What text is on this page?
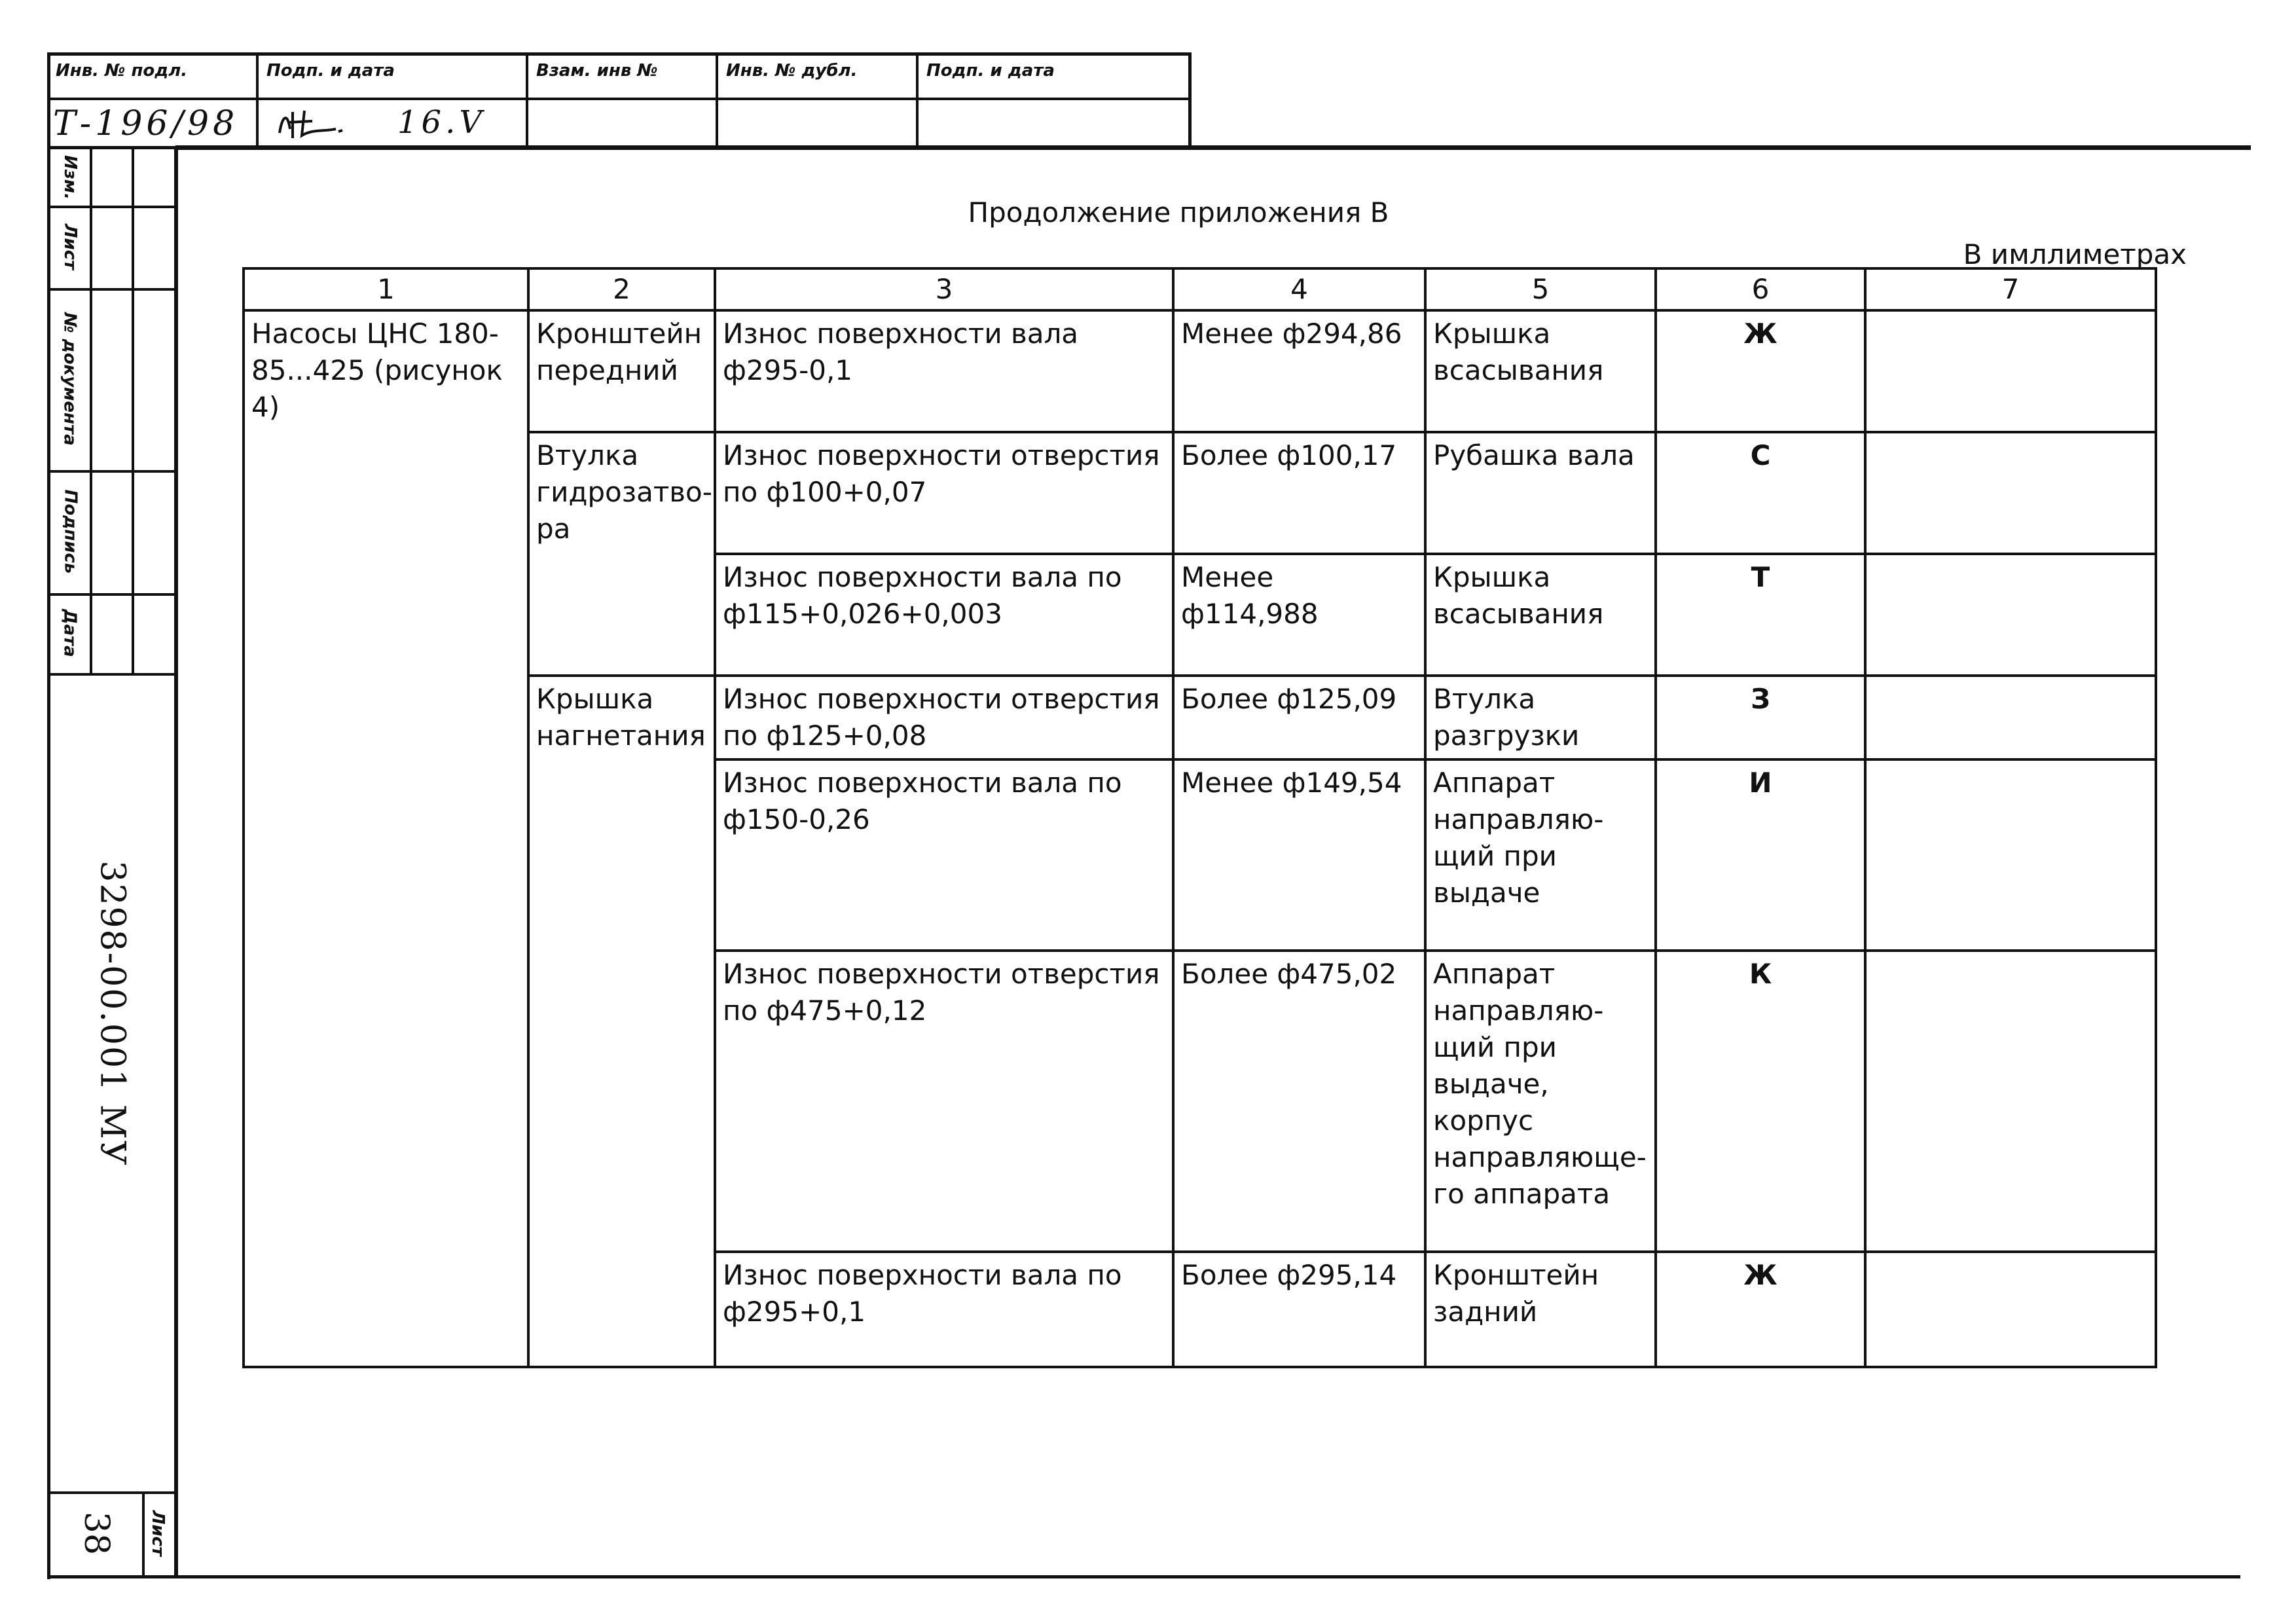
Инв. № подл.	Подп. и дата	Взам. инв №	Инв. № дубл.	Подп. и дата
Т-196/98	16.V
Изм.
Лист
№ документа
Подпись
Дата
3298-00.001 МУ
38 Лист
Продолжение приложения В
В имллиметрах
1	2	3	4	5	6	7
Насосы ЦНС 180-85...425 (рисунок 4)	Кронштейн передний	Износ поверхности вала ф295-0,1	Менее ф294,86	Крышка всасывания	Ж	
	Втулка гидрозатво-ра	Износ поверхности отверстия по ф100+0,07	Более ф100,17	Рубашка вала	С	
		Износ поверхности вала по ф115+0,026+0,003	Менее ф114,988	Крышка всасывания	Т	
	Крышка нагнетания	Износ поверхности отверстия по ф125+0,08	Более ф125,09	Втулка разгрузки	З	
		Износ поверхности вала по ф150-0,26	Менее ф149,54	Аппарат направляю-щий при выдаче	И	
		Износ поверхности отверстия по ф475+0,12	Более ф475,02	Аппарат направляю-щий при выдаче, корпус направляюще-го аппарата	К	
		Износ поверхности вала по ф295+0,1	Более ф295,14	Кронштейн задний	Ж	
